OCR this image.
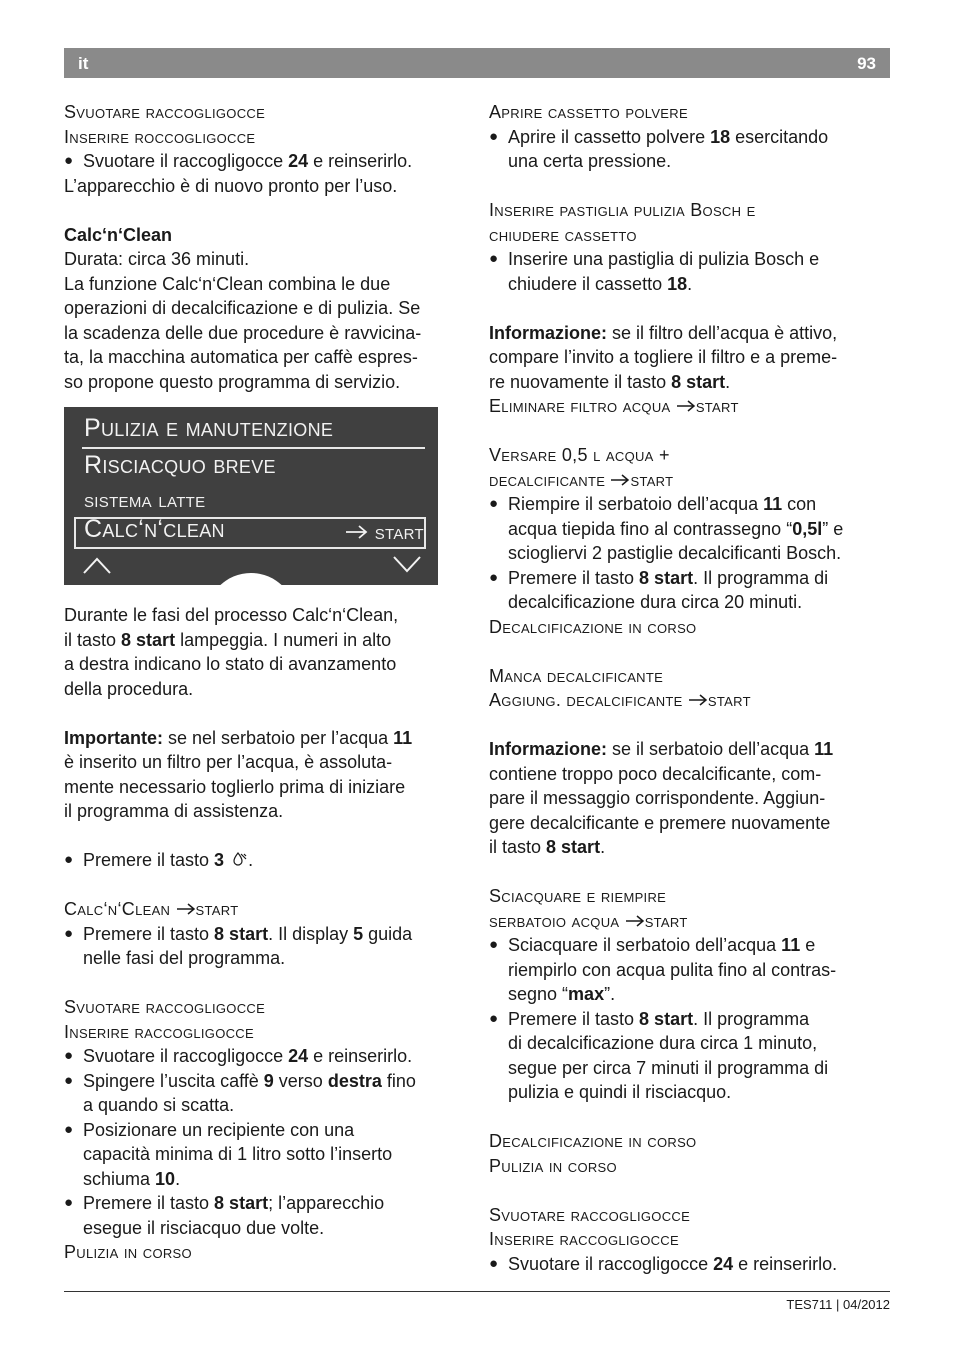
it	93
Svuotare raccogligocce
Inserire roccogligocce
● Svuotare il raccogligocce 24 e reinserirlo.
L’apparecchio è di nuovo pronto per l’uso.
Calc‘n‘Clean
Durata: circa 36 minuti.
La funzione Calc‘n‘Clean combina le due
operazioni di decalcificazione e di pulizia. Se
la scadenza delle due procedure è ravvicina-
ta, la macchina automatica per caffè espres-
so propone questo programma di servizio.
Pulizia e manutenzione
Risciacquo breve
sistema latte
Calc‘n‘clean	start
Durante le fasi del processo Calc‘n‘Clean,
il tasto 8 start lampeggia. I numeri in alto
a destra indicano lo stato di avanzamento
della procedura.
Importante: se nel serbatoio per l’acqua 11
è inserito un filtro per l’acqua, è assoluta-
mente necessario toglierlo prima di iniziare
il programma di assistenza.
● Premere il tasto 3 .
Calc‘n‘Clean start
● Premere il tasto 8 start. Il display 5 guida
nelle fasi del programma.
Svuotare raccogligocce
Inserire raccogligocce
● Svuotare il raccogligocce 24 e reinserirlo.
● Spingere l’uscita caffè 9 verso destra fino
a quando si scatta.
● Posizionare un recipiente con una
capacità minima di 1 litro sotto l’inserto
schiuma 10.
● Premere il tasto 8 start; l’apparecchio
esegue il risciacquo due volte.
Pulizia in corso
Aprire cassetto polvere
● Aprire il cassetto polvere 18 esercitando
una certa pressione.
Inserire pastiglia pulizia Bosch e
chiudere cassetto
● Inserire una pastiglia di pulizia Bosch e
chiudere il cassetto 18.
Informazione: se il filtro dell’acqua è attivo,
compare l’invito a togliere il filtro e a preme-
re nuovamente il tasto 8 start.
Eliminare filtro acqua start
Versare 0,5 l acqua +
decalcificante start
● Riempire il serbatoio dell’acqua 11 con
acqua tiepida fino al contrassegno “0,5l” e
sciogliervi 2 pastiglie decalcificanti Bosch.
● Premere il tasto 8 start. Il programma di
decalcificazione dura circa 20 minuti.
Decalcificazione in corso
Manca decalcificante
Aggiung. decalcificante start
Informazione: se il serbatoio dell’acqua 11
contiene troppo poco decalcificante, com-
pare il messaggio corrispondente. Aggiun-
gere decalcificante e premere nuovamente
il tasto 8 start.
Sciacquare e riempire
serbatoio acqua start
● Sciacquare il serbatoio dell’acqua 11 e
riempirlo con acqua pulita fino al contras-
segno “max”.
● Premere il tasto 8 start. Il programma
di decalcificazione dura circa 1 minuto,
segue per circa 7 minuti il programma di
pulizia e quindi il risciacquo.
Decalcificazione in corso
Pulizia in corso
Svuotare raccogligocce
Inserire raccogligocce
● Svuotare il raccogligocce 24 e reinserirlo.
TES711 | 04/2012
